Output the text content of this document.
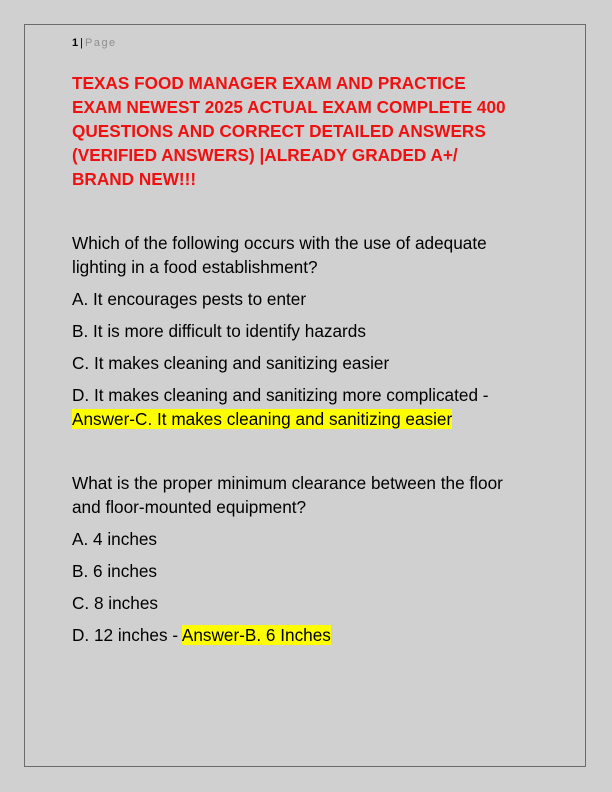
1 | Page
TEXAS FOOD MANAGER EXAM AND PRACTICE
EXAM NEWEST 2025 ACTUAL EXAM COMPLETE 400
QUESTIONS AND CORRECT DETAILED ANSWERS
(VERIFIED ANSWERS) |ALREADY GRADED A+/
BRAND NEW!!!

Which of the following occurs with the use of adequate
lighting in a food establishment?

A. It encourages pests to enter

B. It is more difficult to identify hazards

C. It makes cleaning and sanitizing easier

D. It makes cleaning and sanitizing more complicated -
Answer-C. It makes cleaning and sanitizing easier

What is the proper minimum clearance between the floor
and floor-mounted equipment?

A. 4 inches

B. 6 inches

C. 8 inches

D. 12 inches - Answer-B. 6 Inches
